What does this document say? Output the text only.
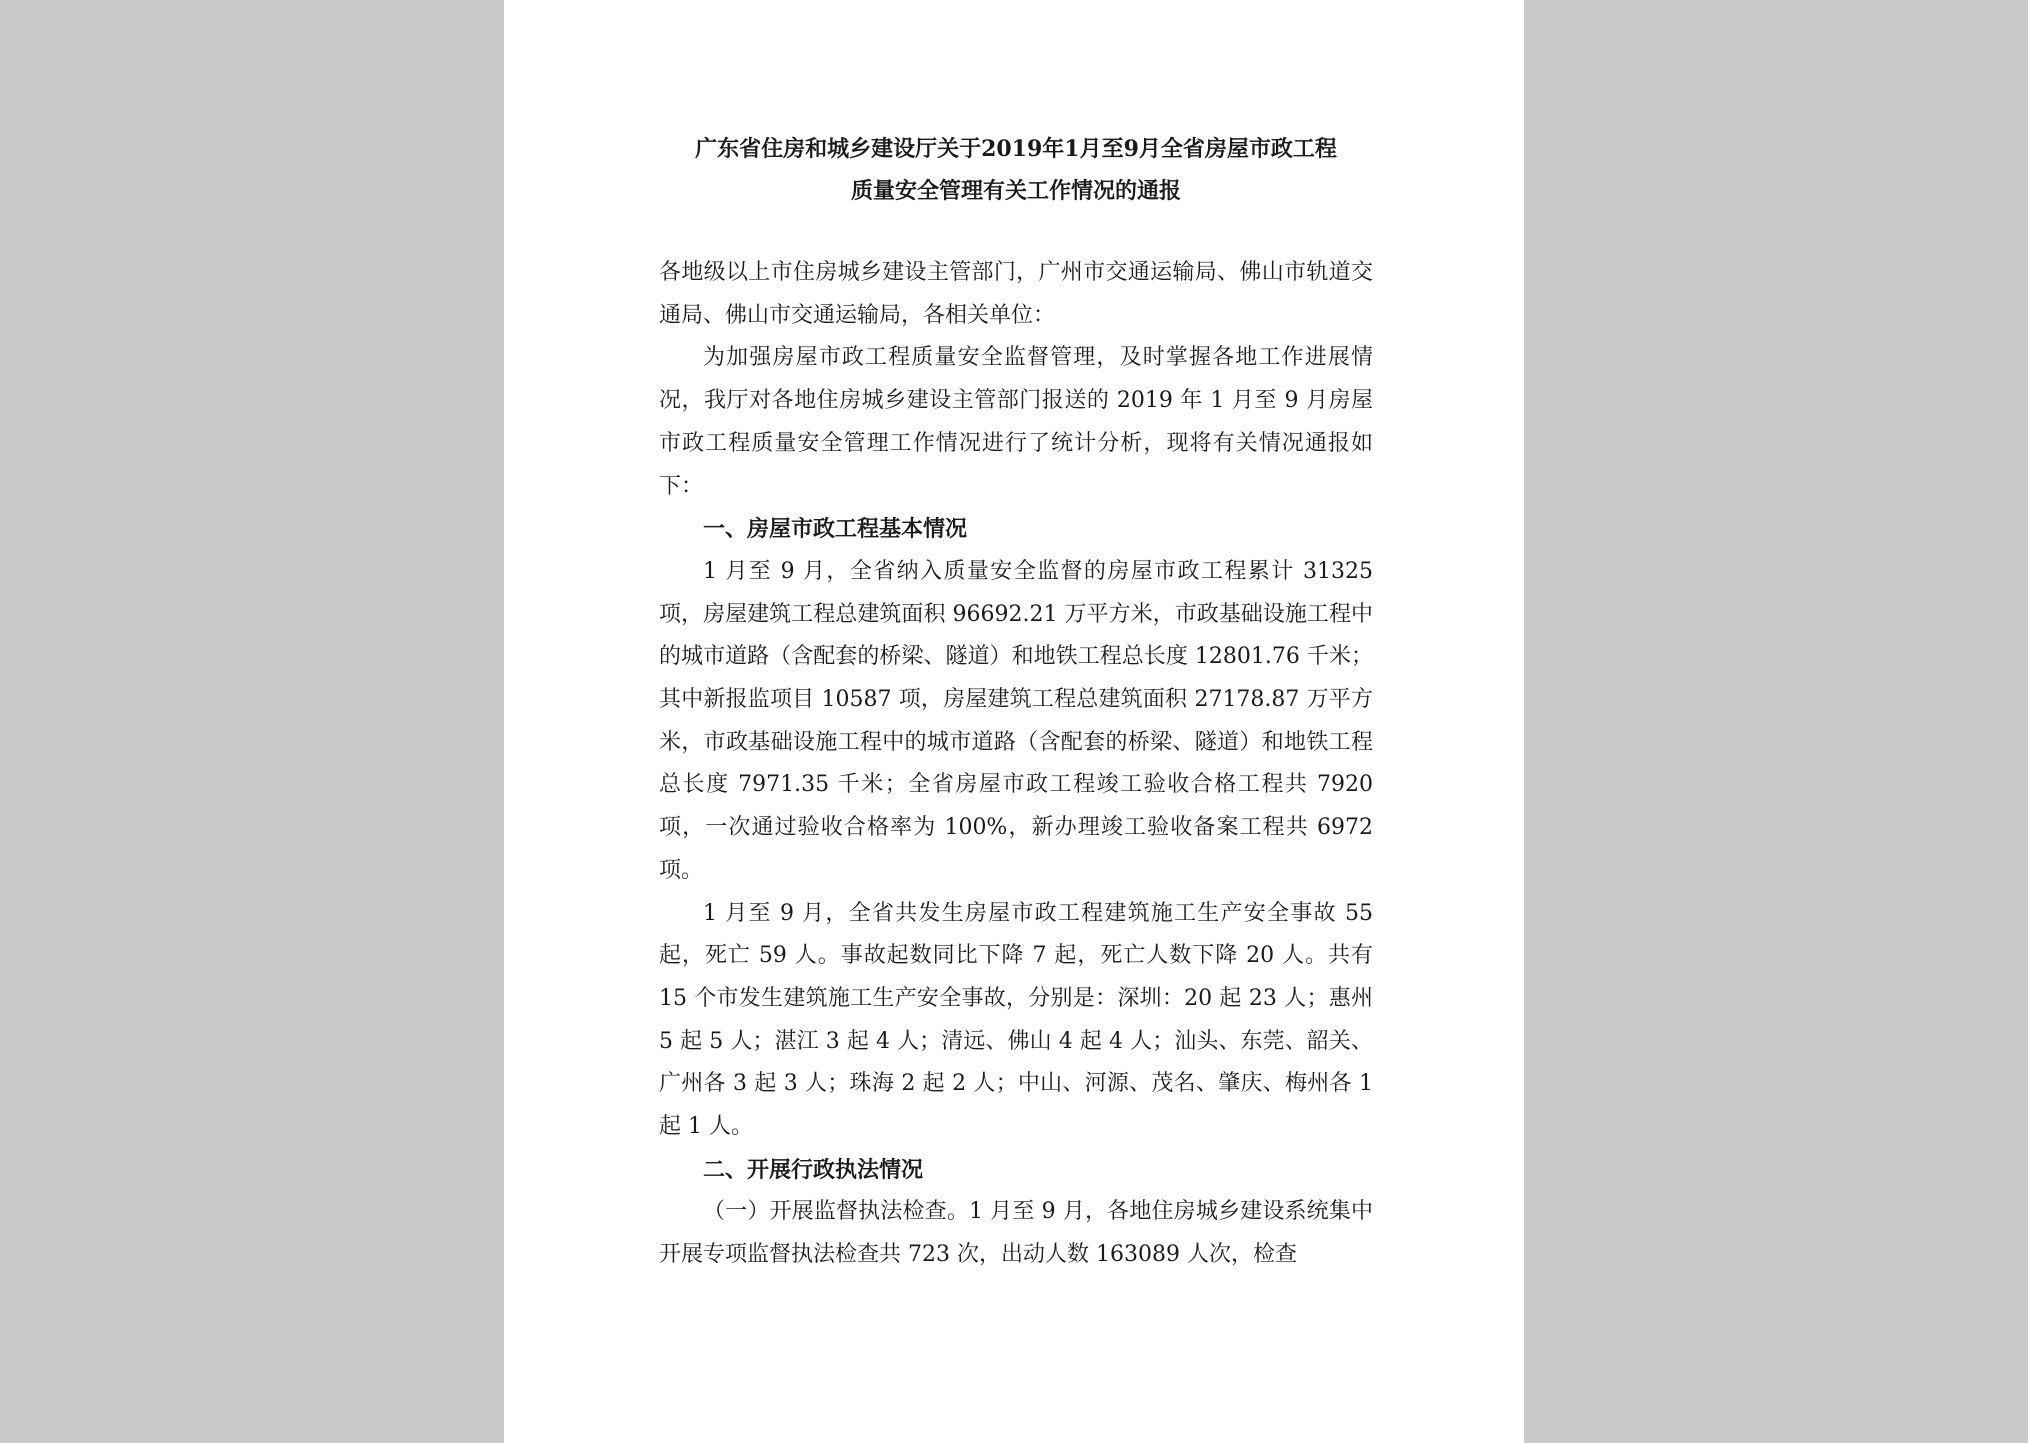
广东省住房和城乡建设厅关于2019年1月至9月全省房屋市政工程
质量安全管理有关工作情况的通报

各地级以上市住房城乡建设主管部门，广州市交通运输局、佛山市轨道交通局、佛山市交通运输局，各相关单位：

为加强房屋市政工程质量安全监督管理，及时掌握各地工作进展情况，我厅对各地住房城乡建设主管部门报送的 2019 年 1 月至 9 月房屋市政工程质量安全管理工作情况进行了统计分析，现将有关情况通报如下：

一、房屋市政工程基本情况

1 月至 9 月，全省纳入质量安全监督的房屋市政工程累计 31325 项，房屋建筑工程总建筑面积 96692.21 万平方米，市政基础设施工程中的城市道路（含配套的桥梁、隧道）和地铁工程总长度 12801.76 千米；其中新报监项目 10587 项，房屋建筑工程总建筑面积 27178.87 万平方米，市政基础设施工程中的城市道路（含配套的桥梁、隧道）和地铁工程总长度 7971.35 千米；全省房屋市政工程竣工验收合格工程共 7920 项，一次通过验收合格率为 100%，新办理竣工验收备案工程共 6972 项。

1 月至 9 月，全省共发生房屋市政工程建筑施工生产安全事故 55 起，死亡 59 人。事故起数同比下降 7 起，死亡人数下降 20 人。共有 15 个市发生建筑施工生产安全事故，分别是：深圳：20 起 23 人；惠州 5 起 5 人；湛江 3 起 4 人；清远、佛山 4 起 4 人；汕头、东莞、韶关、广州各 3 起 3 人；珠海 2 起 2 人；中山、河源、茂名、肇庆、梅州各 1 起 1 人。

二、开展行政执法情况

（一）开展监督执法检查。1 月至 9 月，各地住房城乡建设系统集中开展专项监督执法检查共 723 次，出动人数 163089 人次，检查
